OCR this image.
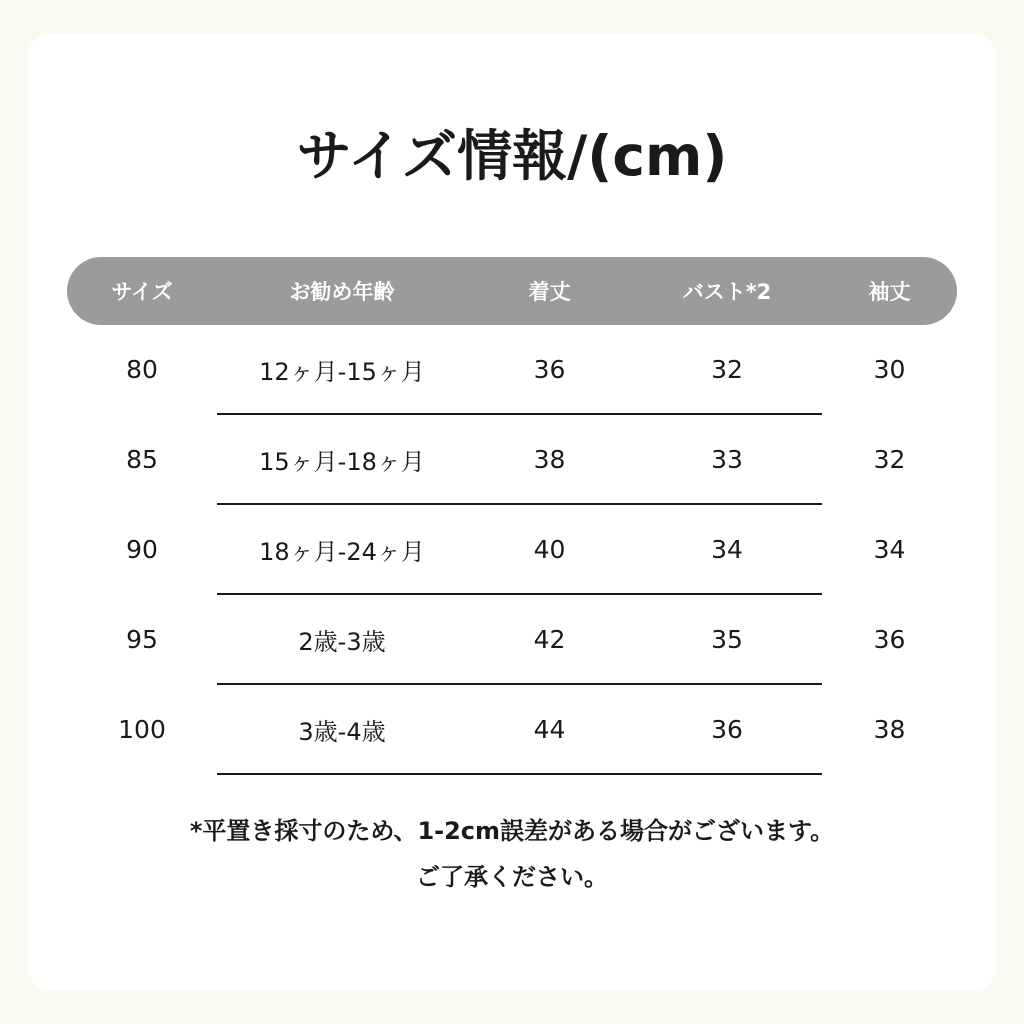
サイズ情報/(cm)
サイズ	お勧め年齢	着丈	バスト*2	袖丈
80	12ヶ月-15ヶ月	36	32	30
85	15ヶ月-18ヶ月	38	33	32
90	18ヶ月-24ヶ月	40	34	34
95	2歳-3歳	42	35	36
100	3歳-4歳	44	36	38
*平置き採寸のため、1-2cm誤差がある場合がございます。
ご了承ください。
